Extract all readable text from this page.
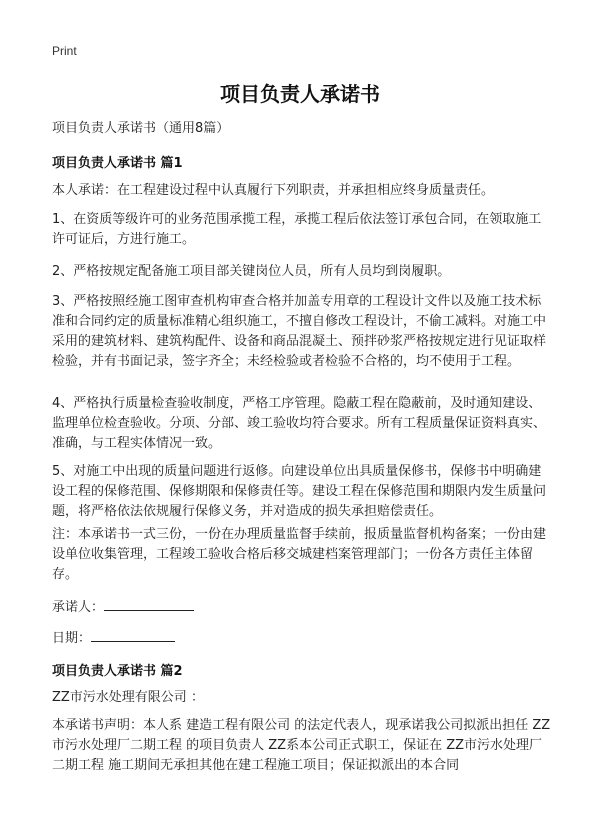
Print
项目负责人承诺书
项目负责人承诺书（通用8篇）
项目负责人承诺书 篇1
本人承诺：在工程建设过程中认真履行下列职责，并承担相应终身质量责任。
1、在资质等级许可的业务范围承揽工程，承揽工程后依法签订承包合同，在领取施工许可证后，方进行施工。
2、严格按规定配备施工项目部关键岗位人员，所有人员均到岗履职。
3、严格按照经施工图审查机构审查合格并加盖专用章的工程设计文件以及施工技术标准和合同约定的质量标准精心组织施工，不擅自修改工程设计，不偷工减料。对施工中采用的建筑材料、建筑构配件、设备和商品混凝土、预拌砂浆严格按规定进行见证取样检验，并有书面记录，签字齐全；未经检验或者检验不合格的，均不使用于工程。
4、严格执行质量检查验收制度，严格工序管理。隐蔽工程在隐蔽前，及时通知建设、监理单位检查验收。分项、分部、竣工验收均符合要求。所有工程质量保证资料真实、准确，与工程实体情况一致。
5、对施工中出现的质量问题进行返修。向建设单位出具质量保修书，保修书中明确建设工程的保修范围、保修期限和保修责任等。建设工程在保修范围和期限内发生质量问题，将严格依法依规履行保修义务，并对造成的损失承担赔偿责任。
注：本承诺书一式三份，一份在办理质量监督手续前，报质量监督机构备案；一份由建设单位收集管理，工程竣工验收合格后移交城建档案管理部门；一份各方责任主体留存。
承诺人：
日期：
项目负责人承诺书 篇2
ZZ市污水处理有限公司 ：
本承诺书声明：本人系 建造工程有限公司 的法定代表人，现承诺我公司拟派出担任 ZZ市污水处理厂二期工程 的项目负责人 ZZ系本公司正式职工，保证在 ZZ市污水处理厂二期工程 施工期间无承担其他在建工程施工项目；保证拟派出的本合同
